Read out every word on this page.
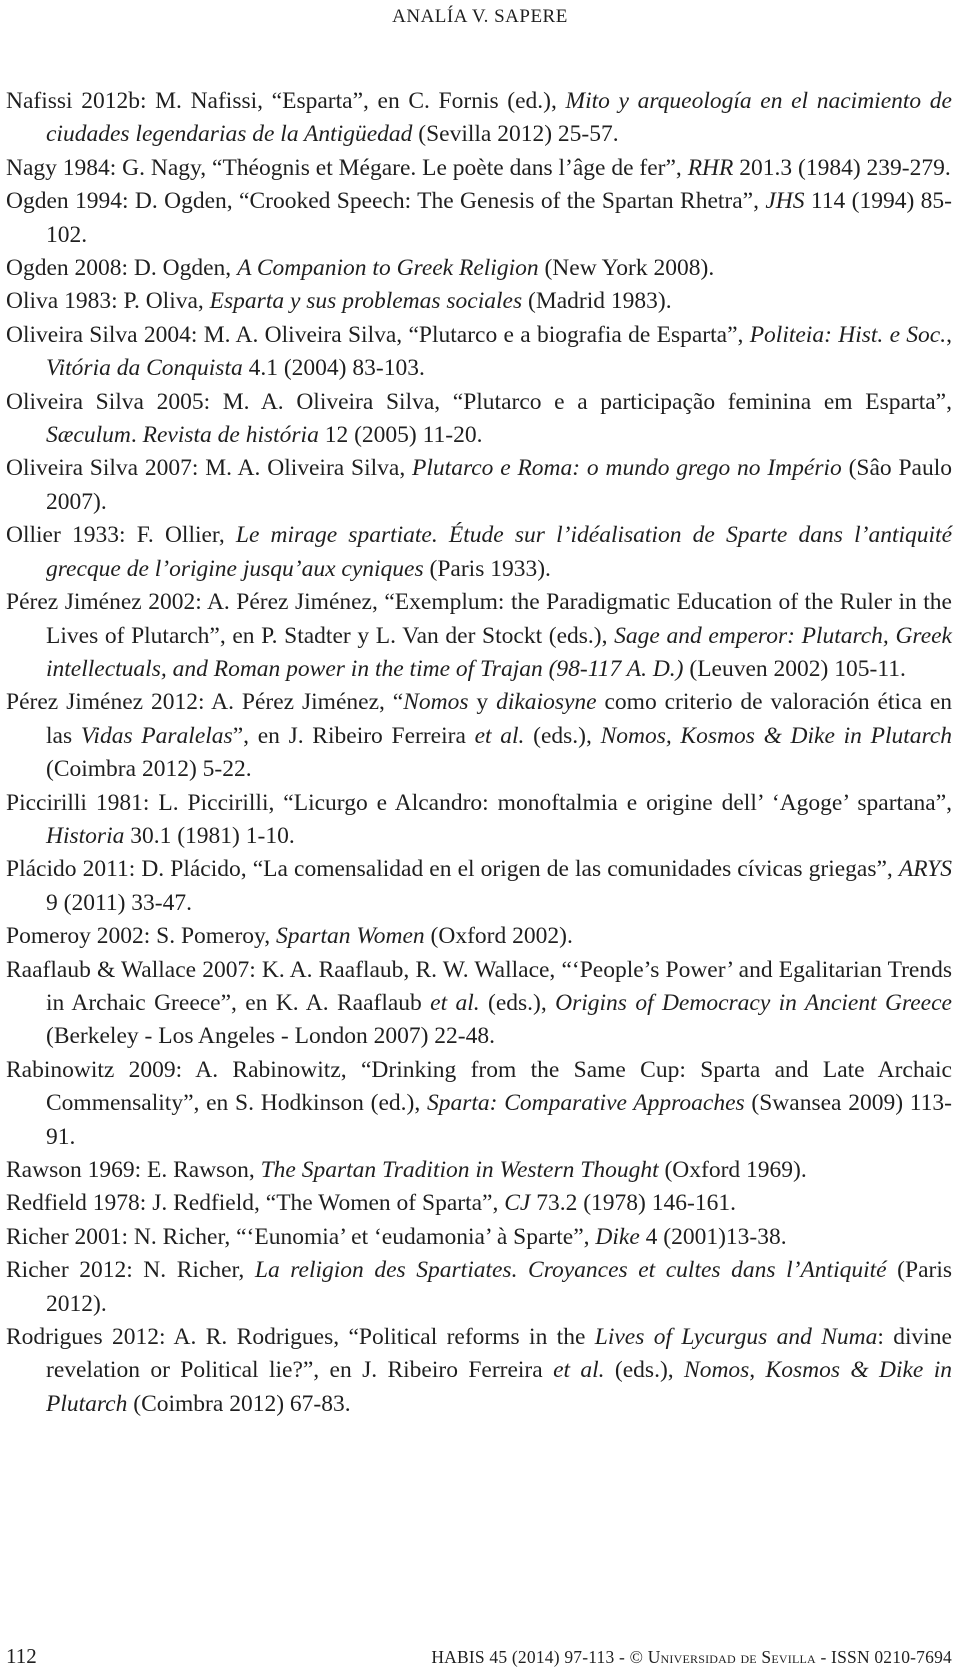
ANALÍA V. SAPERE

Nafissi 2012b: M. Nafissi, “Esparta”, en C. Fornis (ed.), Mito y arqueología en el nacimiento de ciudades legendarias de la Antigüedad (Sevilla 2012) 25-57.

Nagy 1984: G. Nagy, “Théognis et Mégare. Le poète dans l’âge de fer”, RHR 201.3 (1984) 239-279.

Ogden 1994: D. Ogden, “Crooked Speech: The Genesis of the Spartan Rhetra”, JHS 114 (1994) 85-102.

Ogden 2008: D. Ogden, A Companion to Greek Religion (New York 2008).

Oliva 1983: P. Oliva, Esparta y sus problemas sociales (Madrid 1983).

Oliveira Silva 2004: M. A. Oliveira Silva, “Plutarco e a biografia de Esparta”, Politeia: Hist. e Soc., Vitória da Conquista 4.1 (2004) 83-103.

Oliveira Silva 2005: M. A. Oliveira Silva, “Plutarco e a participação feminina em Esparta”, Sæculum. Revista de história 12 (2005) 11-20.

Oliveira Silva 2007: M. A. Oliveira Silva, Plutarco e Roma: o mundo grego no Império (Sâo Paulo 2007).

Ollier 1933: F. Ollier, Le mirage spartiate. Étude sur l’idéalisation de Sparte dans l’antiquité grecque de l’origine jusqu’aux cyniques (Paris 1933).

Pérez Jiménez 2002: A. Pérez Jiménez, “Exemplum: the Paradigmatic Education of the Ruler in the Lives of Plutarch”, en P. Stadter y L. Van der Stockt (eds.), Sage and emperor: Plutarch, Greek intellectuals, and Roman power in the time of Trajan (98-117 A. D.) (Leuven 2002) 105-11.

Pérez Jiménez 2012: A. Pérez Jiménez, “Nomos y dikaiosyne como criterio de valoración ética en las Vidas Paralelas”, en J. Ribeiro Ferreira et al. (eds.), Nomos, Kosmos & Dike in Plutarch (Coimbra 2012) 5-22.

Piccirilli 1981: L. Piccirilli, “Licurgo e Alcandro: monoftalmia e origine dell’ ‘Agoge’ spartana”, Historia 30.1 (1981) 1-10.

Plácido 2011: D. Plácido, “La comensalidad en el origen de las comunidades cívicas griegas”, ARYS 9 (2011) 33-47.

Pomeroy 2002: S. Pomeroy, Spartan Women (Oxford 2002).

Raaflaub & Wallace 2007: K. A. Raaflaub, R. W. Wallace, “‘People’s Power’ and Egalitarian Trends in Archaic Greece”, en K. A. Raaflaub et al. (eds.), Origins of Democracy in Ancient Greece (Berkeley - Los Angeles - London 2007) 22-48.

Rabinowitz 2009: A. Rabinowitz, “Drinking from the Same Cup: Sparta and Late Archaic Commensality”, en S. Hodkinson (ed.), Sparta: Comparative Approaches (Swansea 2009) 113-91.

Rawson 1969: E. Rawson, The Spartan Tradition in Western Thought (Oxford 1969).

Redfield 1978: J. Redfield, “The Women of Sparta”, CJ 73.2 (1978) 146-161.

Richer 2001: N. Richer, “‘Eunomia’ et ‘eudamonia’ à Sparte”, Dike 4 (2001)13-38.

Richer 2012: N. Richer, La religion des Spartiates. Croyances et cultes dans l’Antiquité (Paris 2012).

Rodrigues 2012: A. R. Rodrigues, “Political reforms in the Lives of Lycurgus and Numa: divine revelation or Political lie?”, en J. Ribeiro Ferreira et al. (eds.), Nomos, Kosmos & Dike in Plutarch (Coimbra 2012) 67-83.

112	HABIS 45 (2014) 97-113 - © Universidad de Sevilla - ISSN 0210-7694
